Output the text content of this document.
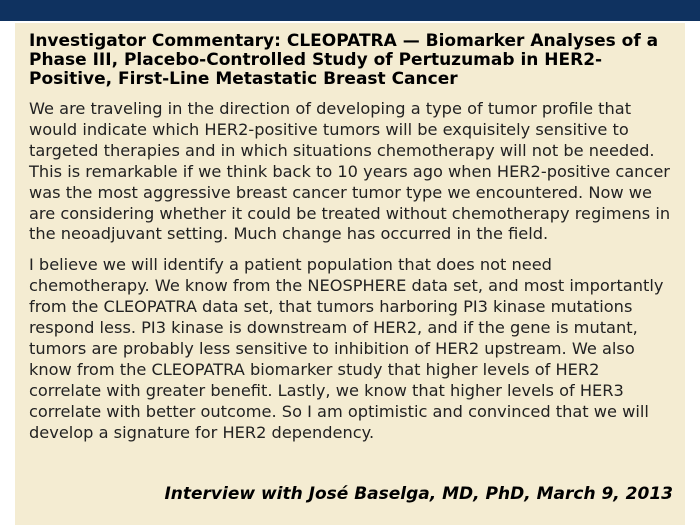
Investigator Commentary: CLEOPATRA — Biomarker Analyses of a Phase III, Placebo-Controlled Study of Pertuzumab in HER2-Positive, First-Line Metastatic Breast Cancer

We are traveling in the direction of developing a type of tumor profile that would indicate which HER2-positive tumors will be exquisitely sensitive to targeted therapies and in which situations chemotherapy will not be needed. This is remarkable if we think back to 10 years ago when HER2-positive cancer was the most aggressive breast cancer tumor type we encountered. Now we are considering whether it could be treated without chemotherapy regimens in the neoadjuvant setting. Much change has occurred in the field.

I believe we will identify a patient population that does not need chemotherapy. We know from the NEOSPHERE data set, and most importantly from the CLEOPATRA data set, that tumors harboring PI3 kinase mutations respond less. PI3 kinase is downstream of HER2, and if the gene is mutant, tumors are probably less sensitive to inhibition of HER2 upstream. We also know from the CLEOPATRA biomarker study that higher levels of HER2 correlate with greater benefit. Lastly, we know that higher levels of HER3 correlate with better outcome. So I am optimistic and convinced that we will develop a signature for HER2 dependency.

Interview with José Baselga, MD, PhD, March 9, 2013
